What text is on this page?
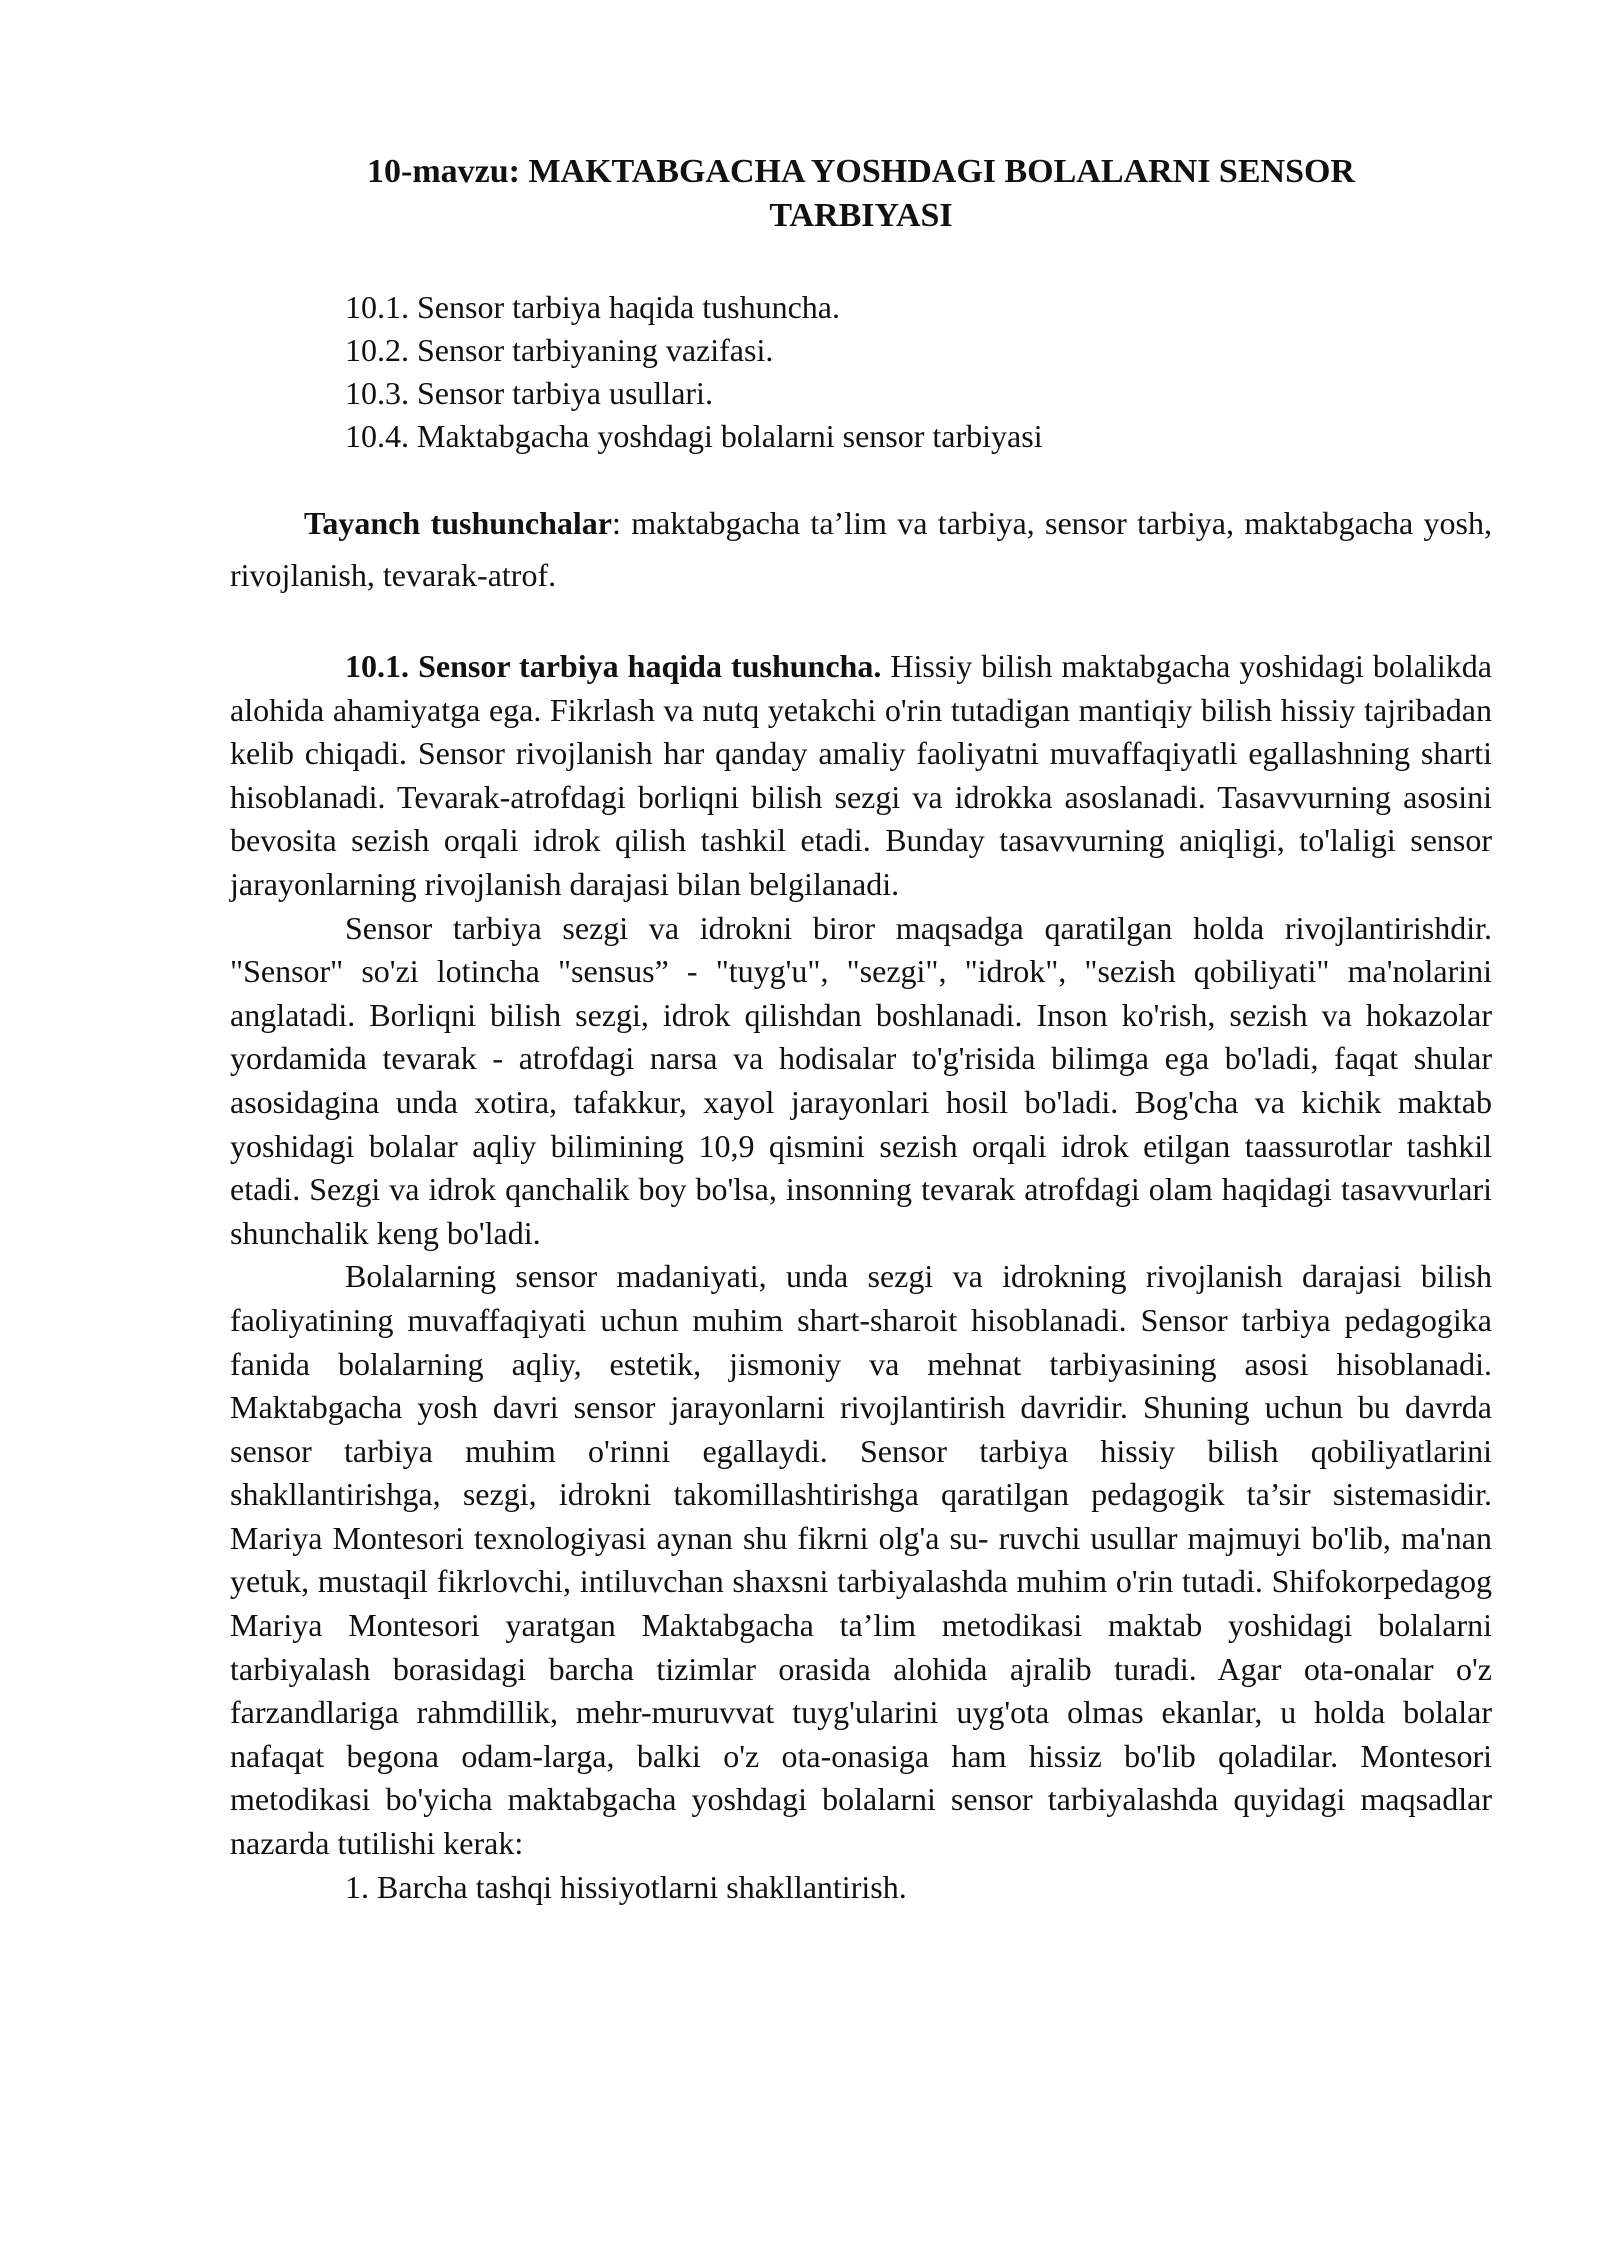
10-mavzu: MAKTABGACHA YOSHDAGI BOLALARNI SENSOR
TARBIYASI
10.1. Sensor tarbiya haqida tushuncha.
10.2. Sensor tarbiyaning vazifasi.
10.3. Sensor tarbiya usullari.
10.4. Maktabgacha yoshdagi bolalarni sensor tarbiyasi
Tayanch tushunchalar: maktabgacha ta’lim va tarbiya, sensor tarbiya, maktabgacha yosh, rivojlanish, tevarak-atrof.

10.1. Sensor tarbiya haqida tushuncha. Hissiy bilish maktabgacha yoshidagi bolalikda alohida ahamiyatga ega. Fikrlash va nutq yetakchi o'rin tutadigan mantiqiy bilish hissiy tajribadan kelib chiqadi. Sensor rivojlanish har qanday amaliy faoliyatni muvaffaqiyatli egallashning sharti hisoblanadi. Tevarak-atrofdagi borliqni bilish sezgi va idrokka asoslanadi. Tasavvurning asosini bevosita sezish orqali idrok qilish tashkil etadi. Bunday tasavvurning aniqligi, to'laligi sensor jarayonlarning rivojlanish darajasi bilan belgilanadi.

Sensor tarbiya sezgi va idrokni biror maqsadga qaratilgan holda rivojlantirishdir. "Sensor" so'zi lotincha "sensus” - "tuyg'u", "sezgi", "idrok", "sezish qobiliyati" ma'nolarini anglatadi. Borliqni bilish sezgi, idrok qilishdan boshlanadi. Inson ko'rish, sezish va hokazolar yordamida tevarak - atrofdagi narsa va hodisalar to'g'risida bilimga ega bo'ladi, faqat shular asosidagina unda xotira, tafakkur, xayol jarayonlari hosil bo'ladi. Bog'cha va kichik maktab yoshidagi bolalar aqliy bilimining 10,9 qismini sezish orqali idrok etilgan taassurotlar tashkil etadi. Sezgi va idrok qanchalik boy bo'lsa, insonning tevarak atrofdagi olam haqidagi tasavvurlari shunchalik keng bo'ladi.

Bolalarning sensor madaniyati, unda sezgi va idrokning rivojlanish darajasi bilish faoliyatining muvaffaqiyati uchun muhim shart-sharoit hisoblanadi. Sensor tarbiya pedagogika fanida bolalarning aqliy, estetik, jismoniy va mehnat tarbiyasining asosi hisoblanadi. Maktabgacha yosh davri sensor jarayonlarni rivojlantirish davridir. Shuning uchun bu davrda sensor tarbiya muhim o'rinni egallaydi. Sensor tarbiya hissiy bilish qobiliyatlarini shakllantirishga, sezgi, idrokni takomillashtirishga qaratilgan pedagogik ta’sir sistemasidir. Mariya Montesori texnologiyasi aynan shu fikrni olg'a su- ruvchi usullar majmuyi bo'lib, ma'nan yetuk, mustaqil fikrlovchi, intiluvchan shaxsni tarbiyalashda muhim o'rin tutadi. Shifokorpedagog Mariya Montesori yaratgan Maktabgacha ta’lim metodikasi maktab yoshidagi bolalarni tarbiyalash borasidagi barcha tizimlar orasida alohida ajralib turadi. Agar ota-onalar o'z farzandlariga rahmdillik, mehr-muruvvat tuyg'ularini uyg'ota olmas ekanlar, u holda bolalar nafaqat begona odam-larga, balki o'z ota-onasiga ham hissiz bo'lib qoladilar. Montesori metodikasi bo'yicha maktabgacha yoshdagi bolalarni sensor tarbiyalashda quyidagi maqsadlar nazarda tutilishi kerak:

1. Barcha tashqi hissiyotlarni shakllantirish.
